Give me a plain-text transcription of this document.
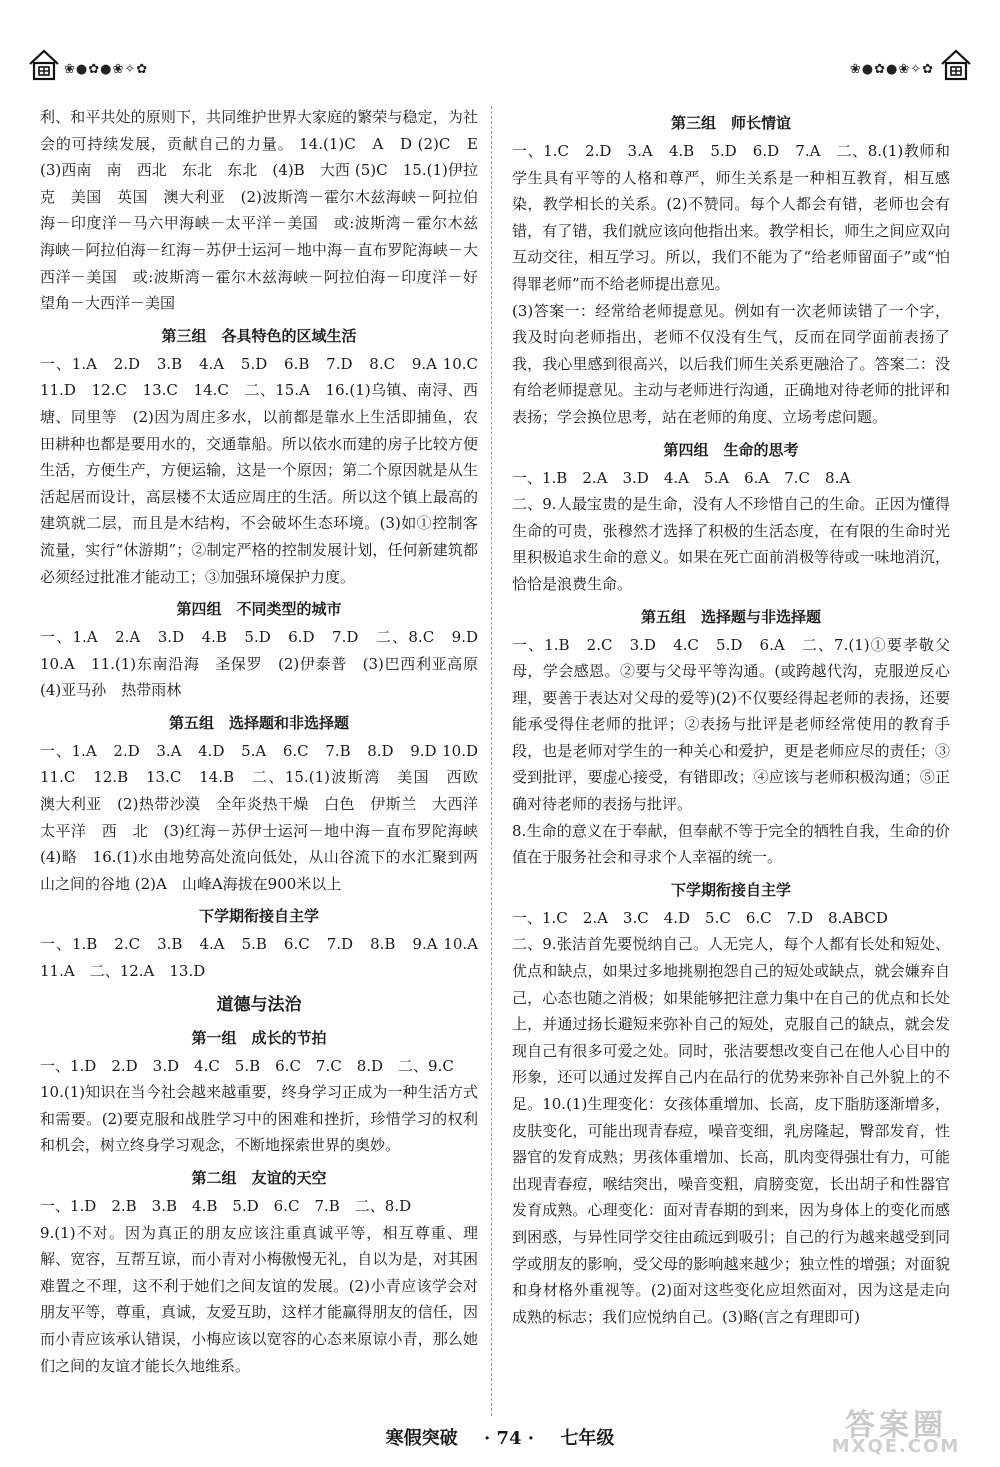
❀●✿●❀✧✿	❀●✿●❀✧✿
利、和平共处的原则下，共同维护世界大家庭的繁荣与稳定，为社会的可持续发展，贡献自己的力量。 14.(1)C　A　D (2)C　E　(3)西南　南　西北　东北　东北　(4)B　大西 (5)C　15.(1)伊拉克　美国　英国　澳大利亚　(2)波斯湾－霍尔木兹海峡－阿拉伯海－印度洋－马六甲海峡－太平洋－美国　或:波斯湾－霍尔木兹海峡－阿拉伯海－红海－苏伊士运河－地中海－直布罗陀海峡－大西洋－美国　或:波斯湾－霍尔木兹海峡－阿拉伯海－印度洋－好望角－大西洋－美国
第三组　各具特色的区域生活
一、1.A　2.D　3.B　4.A　5.D　6.B　7.D　8.C　9.A 10.C　11.D　12.C　13.C　14.C　二、15.A　16.(1)乌镇、南浔、西塘、同里等　(2)因为周庄多水，以前都是靠水上生活即捕鱼，农田耕种也都是要用水的，交通靠船。所以依水而建的房子比较方便生活，方便生产，方便运输，这是一个原因；第二个原因就是从生活起居而设计，高层楼不太适应周庄的生活。所以这个镇上最高的建筑就二层，而且是木结构，不会破坏生态环境。(3)如①控制客流量，实行“休游期”；②制定严格的控制发展计划，任何新建筑都必须经过批准才能动工；③加强环境保护力度。
第四组　不同类型的城市
一、1.A　2.A　3.D　4.B　5.D　6.D　7.D　二、8.C　9.D 10.A　11.(1)东南沿海　圣保罗　(2)伊泰普　(3)巴西利亚高原　(4)亚马孙　热带雨林
第五组　选择题和非选择题
一、1.A　2.D　3.A　4.D　5.A　6.C　7.B　8.D　9.D 10.D　11.C　12.B　13.C　14.B　二、15.(1)波斯湾　美国　西欧　澳大利亚　(2)热带沙漠　全年炎热干燥　白色　伊斯兰　大西洋　太平洋　西　北　(3)红海－苏伊士运河－地中海－直布罗陀海峡　(4)略　16.(1)水由地势高处流向低处，从山谷流下的水汇聚到两山之间的谷地 (2)A　山峰A海拔在900米以上
下学期衔接自主学
一、1.B　2.C　3.B　4.A　5.B　6.C　7.D　8.B　9.A 10.A　11.A　二、12.A　13.D
道德与法治
第一组　成长的节拍
一、1.D　2.D　3.D　4.C　5.B　6.C　7.C　8.D　二、9.C
10.(1)知识在当今社会越来越重要，终身学习正成为一种生活方式和需要。(2)要克服和战胜学习中的困难和挫折，珍惜学习的权利和机会，树立终身学习观念，不断地探索世界的奥妙。
第二组　友谊的天空
一、1.D　2.B　3.B　4.B　5.D　6.C　7.B　二、8.D
9.(1)不对。因为真正的朋友应该注重真诚平等，相互尊重、理解、宽容，互帮互谅，而小青对小梅傲慢无礼，自以为是，对其困难置之不理，这不利于她们之间友谊的发展。(2)小青应该学会对朋友平等，尊重，真诚，友爱互助，这样才能赢得朋友的信任，因而小青应该承认错误，小梅应该以宽容的心态来原谅小青，那么她们之间的友谊才能长久地维系。
第三组　师长情谊
一、1.C　2.D　3.A　4.B　5.D　6.D　7.A　二、8.(1)教师和学生具有平等的人格和尊严，师生关系是一种相互教育，相互感染，教学相长的关系。(2)不赞同。每个人都会有错，老师也会有错，有了错，我们就应该向他指出来。教学相长，师生之间应双向互动交往，相互学习。所以，我们不能为了“给老师留面子”或“怕得罪老师”而不给老师提出意见。
(3)答案一：经常给老师提意见。例如有一次老师读错了一个字，我及时向老师指出，老师不仅没有生气，反而在同学面前表扬了我，我心里感到很高兴，以后我们师生关系更融洽了。答案二：没有给老师提意见。主动与老师进行沟通，正确地对待老师的批评和表扬；学会换位思考，站在老师的角度、立场考虑问题。
第四组　生命的思考
一、1.B　2.A　3.D　4.A　5.A　6.A　7.C　8.A
二、9.人最宝贵的是生命，没有人不珍惜自己的生命。正因为懂得生命的可贵，张穆然才选择了积极的生活态度，在有限的生命时光里积极追求生命的意义。如果在死亡面前消极等待或一味地消沉，恰恰是浪费生命。
第五组　选择题与非选择题
一、1.B　2.C　3.D　4.C　5.D　6.A　二、7.(1)①要孝敬父母，学会感恩。②要与父母平等沟通。(或跨越代沟，克服逆反心理，要善于表达对父母的爱等)(2)不仅要经得起老师的表扬，还要能承受得住老师的批评；②表扬与批评是老师经常使用的教育手段，也是老师对学生的一种关心和爱护，更是老师应尽的责任；③受到批评，要虚心接受，有错即改；④应该与老师积极沟通；⑤正确对待老师的表扬与批评。
8.生命的意义在于奉献，但奉献不等于完全的牺牲自我，生命的价值在于服务社会和寻求个人幸福的统一。
下学期衔接自主学
一、1.C　2.A　3.C　4.D　5.C　6.C　7.D　8.ABCD
二、9.张洁首先要悦纳自己。人无完人，每个人都有长处和短处、优点和缺点，如果过多地挑剔抱怨自己的短处或缺点，就会嫌弃自己，心态也随之消极；如果能够把注意力集中在自己的优点和长处上，并通过扬长避短来弥补自己的短处，克服自己的缺点，就会发现自己有很多可爱之处。同时，张洁要想改变自己在他人心目中的形象，还可以通过发挥自己内在品行的优势来弥补自己外貌上的不足。10.(1)生理变化：女孩体重增加、长高，皮下脂肪逐渐增多，皮肤变化，可能出现青春痘，噪音变细，乳房隆起，臀部发育，性器官的发育成熟；男孩体重增加、长高，肌肉变得强壮有力，可能出现青春痘，喉结突出，噪音变粗，肩膀变宽，长出胡子和性器官发育成熟。心理变化：面对青春期的到来，因为身体上的变化而感到困惑，与异性同学交往由疏远到吸引；自己的行为越来越受到同学或朋友的影响，受父母的影响越来越少；独立性的增强；对面貌和身材格外重视等。(2)面对这些变化应坦然面对，因为这是走向成熟的标志；我们应悦纳自己。(3)略(言之有理即可)
寒假突破 · 74 · 七年级	答案圈
MXQE.COM
